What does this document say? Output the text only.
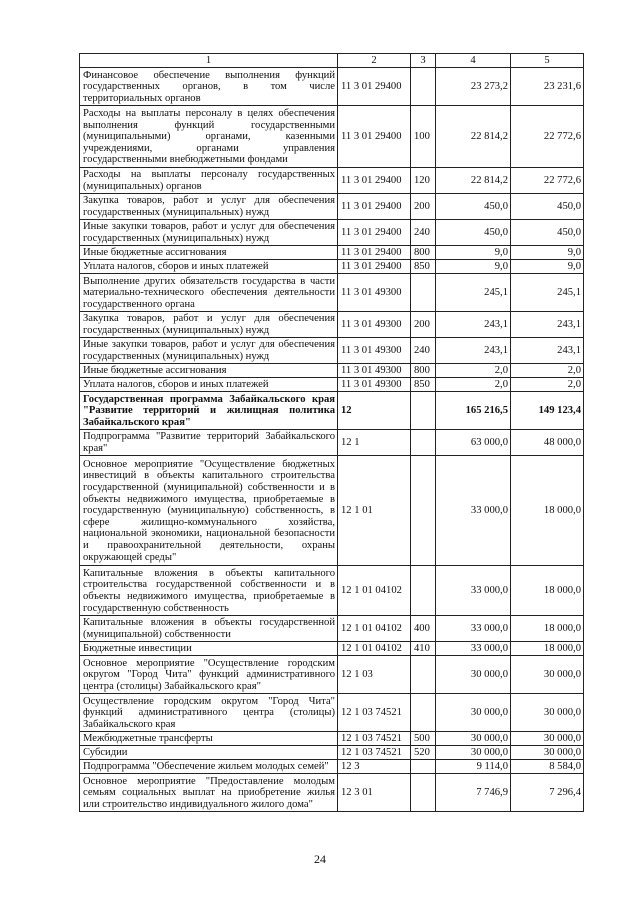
1	2	3	4	5
Финансовое обеспечение выполнения функций государственных органов, в том числе территориальных органов	11 3 01 29400		23 273,2	23 231,6
Расходы на выплаты персоналу в целях обеспечения выполнения функций государственными (муниципальными) органами, казенными учреждениями, органами управления государственными внебюджетными фондами	11 3 01 29400	100	22 814,2	22 772,6
Расходы на выплаты персоналу государственных (муниципальных) органов	11 3 01 29400	120	22 814,2	22 772,6
Закупка товаров, работ и услуг для обеспечения государственных (муниципальных) нужд	11 3 01 29400	200	450,0	450,0
Иные закупки товаров, работ и услуг для обеспечения государственных (муниципальных) нужд	11 3 01 29400	240	450,0	450,0
Иные бюджетные ассигнования	11 3 01 29400	800	9,0	9,0
Уплата налогов, сборов и иных платежей	11 3 01 29400	850	9,0	9,0
Выполнение других обязательств государства в части материально-технического обеспечения деятельности государственного органа	11 3 01 49300		245,1	245,1
Закупка товаров, работ и услуг для обеспечения государственных (муниципальных) нужд	11 3 01 49300	200	243,1	243,1
Иные закупки товаров, работ и услуг для обеспечения государственных (муниципальных) нужд	11 3 01 49300	240	243,1	243,1
Иные бюджетные ассигнования	11 3 01 49300	800	2,0	2,0
Уплата налогов, сборов и иных платежей	11 3 01 49300	850	2,0	2,0
Государственная программа Забайкальского края "Развитие территорий и жилищная политика Забайкальского края"	12		165 216,5	149 123,4
Подпрограмма "Развитие территорий Забайкальского края"	12 1		63 000,0	48 000,0
Основное мероприятие "Осуществление бюджетных инвестиций в объекты капитального строительства государственной (муниципальной) собственности и в объекты недвижимого имущества, приобретаемые в государственную (муниципальную) собственность, в сфере жилищно-коммунального хозяйства, национальной экономики, национальной безопасности и правоохранительной деятельности, охраны окружающей среды"	12 1 01		33 000,0	18 000,0
Капитальные вложения в объекты капитального строительства государственной собственности и в объекты недвижимого имущества, приобретаемые в государственную собственность	12 1 01 04102		33 000,0	18 000,0
Капитальные вложения в объекты государственной (муниципальной) собственности	12 1 01 04102	400	33 000,0	18 000,0
Бюджетные инвестиции	12 1 01 04102	410	33 000,0	18 000,0
Основное мероприятие "Осуществление городским округом "Город Чита" функций административного центра (столицы) Забайкальского края"	12 1 03		30 000,0	30 000,0
Осуществление городским округом "Город Чита" функций административного центра (столицы) Забайкальского края	12 1 03 74521		30 000,0	30 000,0
Межбюджетные трансферты	12 1 03 74521	500	30 000,0	30 000,0
Субсидии	12 1 03 74521	520	30 000,0	30 000,0
Подпрограмма "Обеспечение жильем молодых семей"	12 3		9 114,0	8 584,0
Основное мероприятие "Предоставление молодым семьям социальных выплат на приобретение жилья или строительство индивидуального жилого дома"	12 3 01		7 746,9	7 296,4
24
